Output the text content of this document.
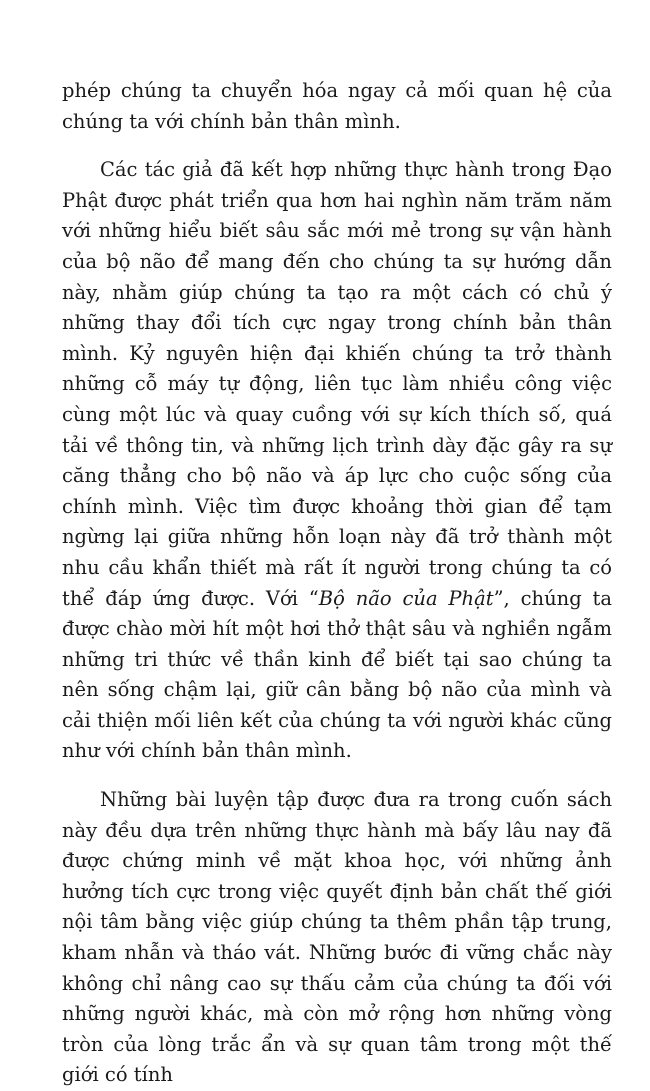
phép chúng ta chuyển hóa ngay cả mối quan hệ của chúng ta với chính bản thân mình.

Các tác giả đã kết hợp những thực hành trong Đạo Phật được phát triển qua hơn hai nghìn năm trăm năm với những hiểu biết sâu sắc mới mẻ trong sự vận hành của bộ não để mang đến cho chúng ta sự hướng dẫn này, nhằm giúp chúng ta tạo ra một cách có chủ ý những thay đổi tích cực ngay trong chính bản thân mình. Kỷ nguyên hiện đại khiến chúng ta trở thành những cỗ máy tự động, liên tục làm nhiều công việc cùng một lúc và quay cuồng với sự kích thích số, quá tải về thông tin, và những lịch trình dày đặc gây ra sự căng thẳng cho bộ não và áp lực cho cuộc sống của chính mình. Việc tìm được khoảng thời gian để tạm ngừng lại giữa những hỗn loạn này đã trở thành một nhu cầu khẩn thiết mà rất ít người trong chúng ta có thể đáp ứng được. Với “Bộ não của Phật”, chúng ta được chào mời hít một hơi thở thật sâu và nghiền ngẫm những tri thức về thần kinh để biết tại sao chúng ta nên sống chậm lại, giữ cân bằng bộ não của mình và cải thiện mối liên kết của chúng ta với người khác cũng như với chính bản thân mình.

Những bài luyện tập được đưa ra trong cuốn sách này đều dựa trên những thực hành mà bấy lâu nay đã được chứng minh về mặt khoa học, với những ảnh hưởng tích cực trong việc quyết định bản chất thế giới nội tâm bằng việc giúp chúng ta thêm phần tập trung, kham nhẫn và tháo vát. Những bước đi vững chắc này không chỉ nâng cao sự thấu cảm của chúng ta đối với những người khác, mà còn mở rộng hơn những vòng tròn của lòng trắc ẩn và sự quan tâm trong một thế giới có tính
